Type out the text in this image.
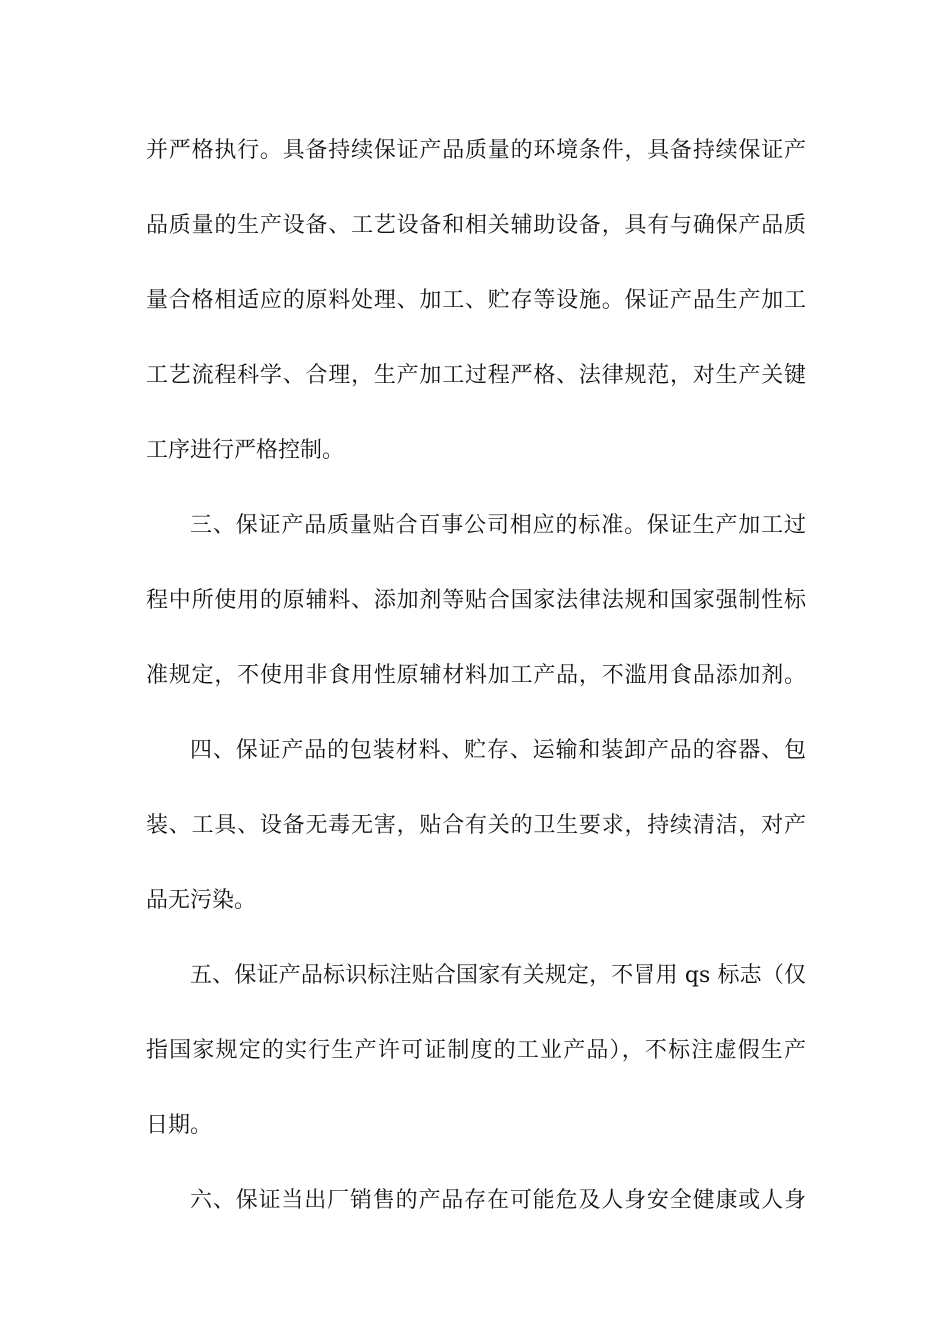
并严格执行。具备持续保证产品质量的环境条件，具备持续保证产
品质量的生产设备、工艺设备和相关辅助设备，具有与确保产品质
量合格相适应的原料处理、加工、贮存等设施。保证产品生产加工
工艺流程科学、合理，生产加工过程严格、法律规范，对生产关键
工序进行严格控制。
三、保证产品质量贴合百事公司相应的标准。保证生产加工过
程中所使用的原辅料、添加剂等贴合国家法律法规和国家强制性标
准规定，不使用非食用性原辅材料加工产品，不滥用食品添加剂。
四、保证产品的包装材料、贮存、运输和装卸产品的容器、包
装、工具、设备无毒无害，贴合有关的卫生要求，持续清洁，对产
品无污染。
五、保证产品标识标注贴合国家有关规定，不冒用 qs 标志（仅
指国家规定的实行生产许可证制度的工业产品），不标注虚假生产
日期。
六、保证当出厂销售的产品存在可能危及人身安全健康或人身
